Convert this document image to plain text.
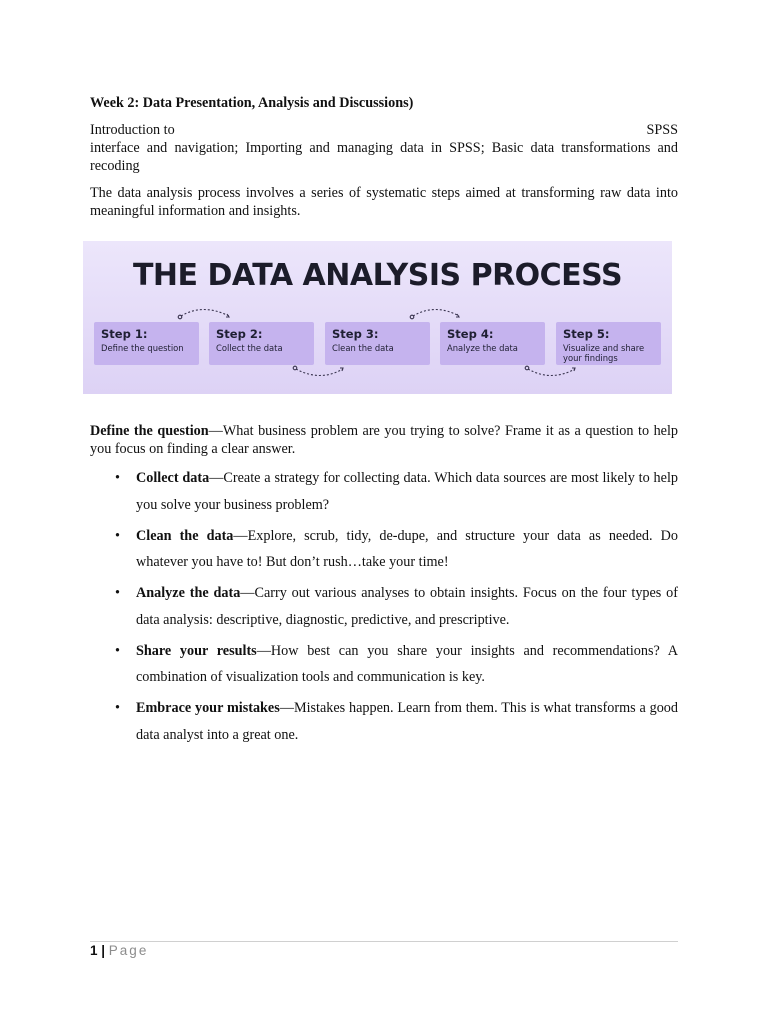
Week 2: Data Presentation, Analysis and Discussions)
Introduction to	SPSS
interface and navigation; Importing and managing data in SPSS; Basic data transformations and recoding
The data analysis process involves a series of systematic steps aimed at transforming raw data into meaningful information and insights.
THE DATA ANALYSIS PROCESS
Step 1:
Define the question
Step 2:
Collect the data
Step 3:
Clean the data
Step 4:
Analyze the data
Step 5:
Visualize and share your findings
Define the question—What business problem are you trying to solve? Frame it as a question to help you focus on finding a clear answer.
• Collect data—Create a strategy for collecting data. Which data sources are most likely to help you solve your business problem?
• Clean the data—Explore, scrub, tidy, de-dupe, and structure your data as needed. Do whatever you have to! But don’t rush…take your time!
• Analyze the data—Carry out various analyses to obtain insights. Focus on the four types of data analysis: descriptive, diagnostic, predictive, and prescriptive.
• Share your results—How best can you share your insights and recommendations? A combination of visualization tools and communication is key.
• Embrace your mistakes—Mistakes happen. Learn from them. This is what transforms a good data analyst into a great one.
1 | Page
